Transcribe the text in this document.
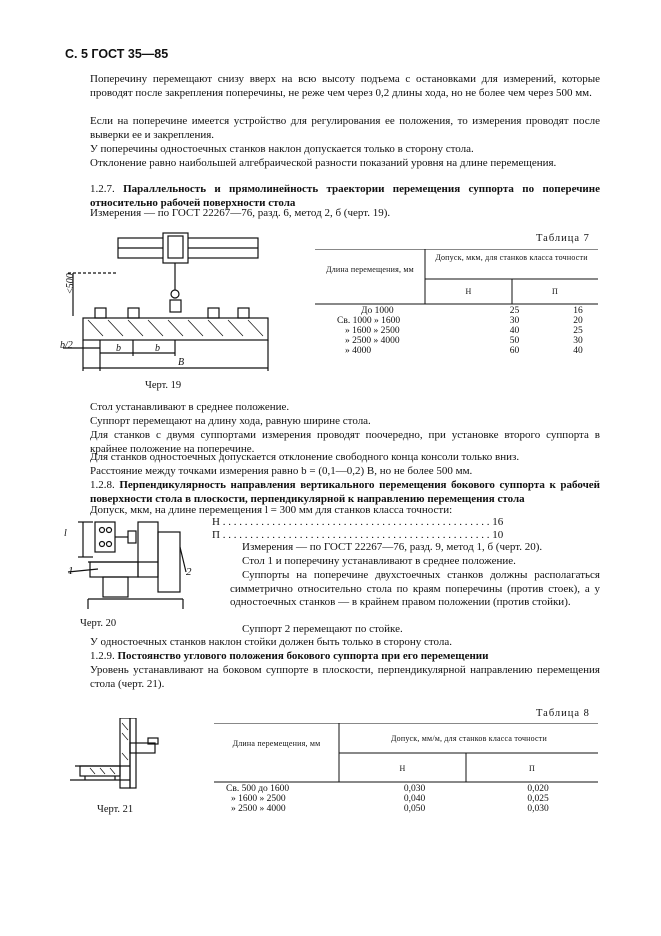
С. 5 ГОСТ 35—85
Поперечину перемещают снизу вверх на всю высоту подъема с остановками для измерений, которые проводят после закрепления поперечины, не реже чем через 0,2 длины хода, но не более чем через 500 мм.
Если на поперечине имеется устройство для регулирования ее положения, то измерения проводят после выверки ее и закрепления.
У поперечины одностоечных станков наклон допускается только в сторону стола.
Отклонение равно наибольшей алгебраической разности показаний уровня на длине перемещения.
1.2.7. Параллельность и прямолинейность траектории перемещения суппорта по поперечине относительно рабочей поверхности стола
Измерения — по ГОСТ 22267—76, разд. 6, метод 2, б (черт. 19).
≤500
b/2	b	b
B
Черт. 19
Таблица 7
Длина перемещения, мм
Допуск, мкм, для станков класса точности
Н	П
До 1000	25	16
Св. 1000 » 1600	30	20
» 1600 » 2500	40	25
» 2500 » 4000	50	30
» 4000	60	40
Стол устанавливают в среднее положение.
Суппорт перемещают на длину хода, равную ширине стола.
Для станков с двумя суппортами измерения проводят поочередно, при установке второго суппорта в крайнее положение на поперечине.
Для станков одностоечных допускается отклонение свободного конца консоли только вниз.
Расстояние между точками измерения равно b = (0,1—0,2) B, но не более 500 мм.
1.2.8. Перпендикулярность направления вертикального перемещения бокового суппорта к рабочей поверхности стола в плоскости, перпендикулярной к направлению перемещения стола
Допуск, мкм, на длине перемещения l = 300 мм для станков класса точности:
l
1	2
Черт. 20
Н . . . . . . . . . . . . . . . . . . . . . . . . . . . . . . . . . . . . . . . . . . . . . . . . . 16
П . . . . . . . . . . . . . . . . . . . . . . . . . . . . . . . . . . . . . . . . . . . . . . . . . 10
Измерения — по ГОСТ 22267—76, разд. 9, метод 1, б (черт. 20).
Стол 1 и поперечину устанавливают в среднее положение.
Суппорты на поперечине двухстоечных станков должны располагаться симметрично относительно стола по краям поперечины (против стоек), а у одностоечных станков — в крайнем правом положении (против стойки).
Суппорт 2 перемещают по стойке.
У одностоечных станков наклон стойки должен быть только в сторону стола.
1.2.9. Постоянство углового положения бокового суппорта при его перемещении
Уровень устанавливают на боковом суппорте в плоскости, перпендикулярной направлению перемещения стола (черт. 21).
Черт. 21
Таблица 8
Длина перемещения, мм
Допуск, мм/м, для станков класса точности
Н	П
Св. 500 до 1600	0,030	0,020
» 1600 » 2500	0,040	0,025
» 2500 » 4000	0,050	0,030
